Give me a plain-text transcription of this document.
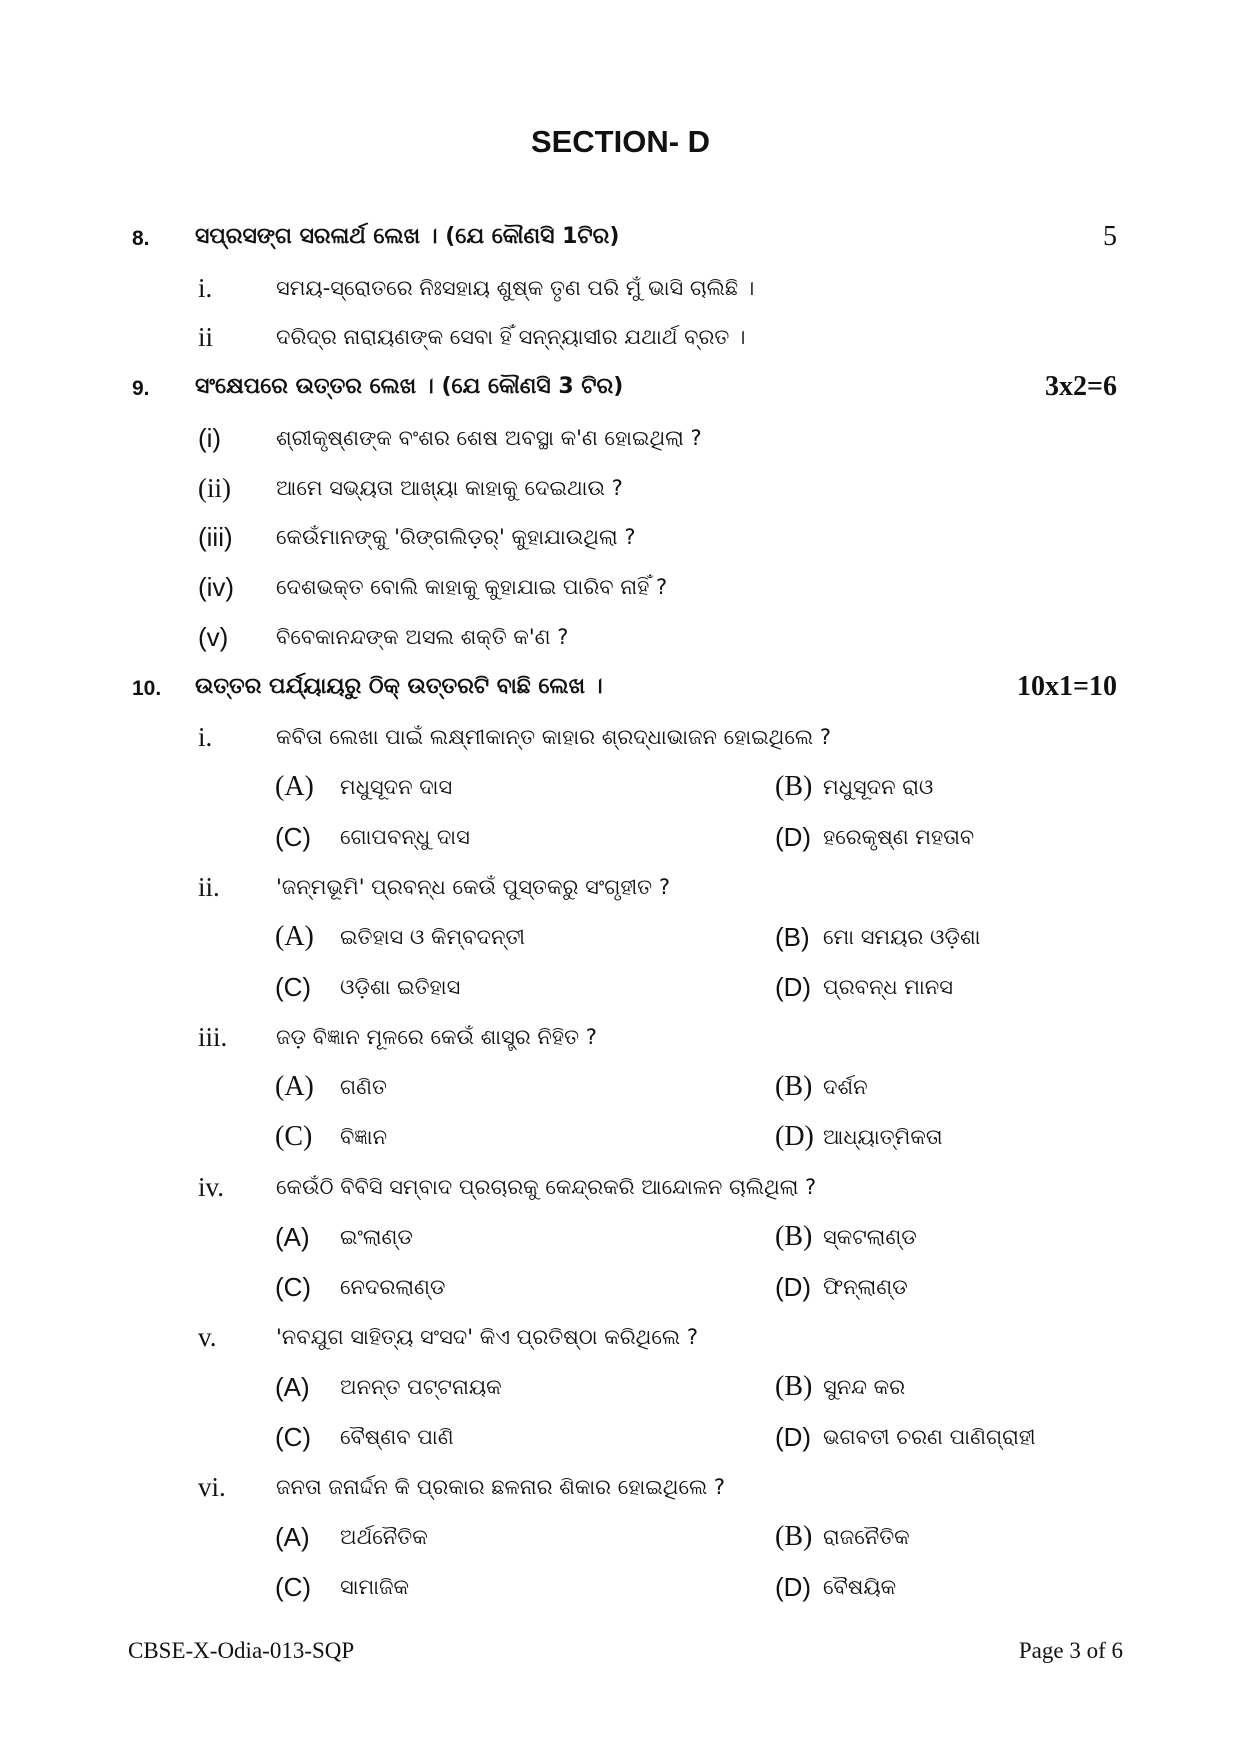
SECTION- D
8. ସପ୍ରସଙ୍ଗ ସରଳାର୍ଥ ଲେଖ । (ଯେ କୌଣସି 1ଟିର)	5
i.	ସମୟ-ସ୍ରୋତରେ ନିଃସହାୟ ଶୁଷ୍କ ତୃଣ ପରି ମୁଁ ଭାସି ଚାଲିଛି ।
ii	ଦରିଦ୍ର ନାରାୟଣଙ୍କ ସେବା ହିଁ ସନ୍ନ୍ୟାସୀର ଯଥାର୍ଥ ବ୍ରତ ।
9. ସଂକ୍ଷେପରେ ଉତ୍ତର ଲେଖ । (ଯେ କୌଣସି 3 ଟିର)	3x2=6
(i)	ଶ୍ରୀକୃଷ୍ଣଙ୍କ ବଂଶର ଶେଷ ଅବସ୍ଥା କ'ଣ ହୋଇଥିଲା ?
(ii) ଆମେ ସଭ୍ୟତା ଆଖ୍ୟା କାହାକୁ ଦେଇଥାଉ ?
(iii) କେଉଁମାନଙ୍କୁ 'ରିଙ୍ଗଲିଡ଼ର୍' କୁହାଯାଉଥିଲା ?
(iv) ଦେଶଭକ୍ତ ବୋଲି କାହାକୁ କୁହାଯାଇ ପାରିବ ନାହିଁ ?
(v) ବିବେକାନନ୍ଦଙ୍କ ଅସଲ ଶକ୍ତି କ'ଣ ?
10. ଉତ୍ତର ପର୍ଯ୍ୟାୟରୁ ଠିକ୍ ଉତ୍ତରଟି ବାଛି ଲେଖ ।	10x1=10
i.	କବିତା ଲେଖା ପାଇଁ ଲକ୍ଷ୍ମୀକାନ୍ତ କାହାର ଶ୍ରଦ୍ଧାଭାଜନ ହୋଇଥିଲେ ?
(A) ମଧୁସୂଦନ ଦାସ	(B) ମଧୁସୂଦନ ରାଓ
(C) ଗୋପବନ୍ଧୁ ଦାସ	(D) ହରେକୃଷ୍ଣ ମହତାବ
ii.	'ଜନ୍ମଭୂମି' ପ୍ରବନ୍ଧ କେଉଁ ପୁସ୍ତକରୁ ସଂଗୃହୀତ ?
(A) ଇତିହାସ ଓ କିମ୍ବଦନ୍ତୀ	(B) ମୋ ସମୟର ଓଡ଼ିଶା
(C) ଓଡ଼ିଶା ଇତିହାସ	(D) ପ୍ରବନ୍ଧ ମାନସ
iii. ଜଡ଼ ବିଜ୍ଞାନ ମୂଳରେ କେଉଁ ଶାସ୍ତ୍ର ନିହିତ ?
(A) ଗଣିତ	(B) ଦର୍ଶନ
(C) ବିଜ୍ଞାନ	(D) ଆଧ୍ୟାତ୍ମିକତା
iv. କେଉଁଠି ବିବିସି ସମ୍ବାଦ ପ୍ରଚାରକୁ କେନ୍ଦ୍ରକରି ଆନ୍ଦୋଳନ ଚାଲିଥିଲା ?
(A) ଇଂଲାଣ୍ଡ	(B) ସ୍କଟଲାଣ୍ଡ
(C) ନେଦରଲାଣ୍ଡ	(D) ଫିନ୍‌ଲାଣ୍ଡ
v.	'ନବଯୁଗ ସାହିତ୍ୟ ସଂସଦ' କିଏ ପ୍ରତିଷ୍ଠା କରିଥିଲେ ?
(A) ଅନନ୍ତ ପଟ୍ଟନାୟକ	(B) ସୁନନ୍ଦ କର
(C) ବୈଷ୍ଣବ ପାଣି	(D) ଭଗବତୀ ଚରଣ ପାଣିଗ୍ରାହୀ
vi. ଜନତା ଜନାର୍ଦ୍ଦନ କି ପ୍ରକାର ଛଳନାର ଶିକାର ହୋଇଥିଲେ ?
(A) ଅର୍ଥନୈତିକ	(B) ରାଜନୈତିକ
(C) ସାମାଜିକ	(D) ବୈଷୟିକ
CBSE-X-Odia-013-SQP	Page 3 of 6
